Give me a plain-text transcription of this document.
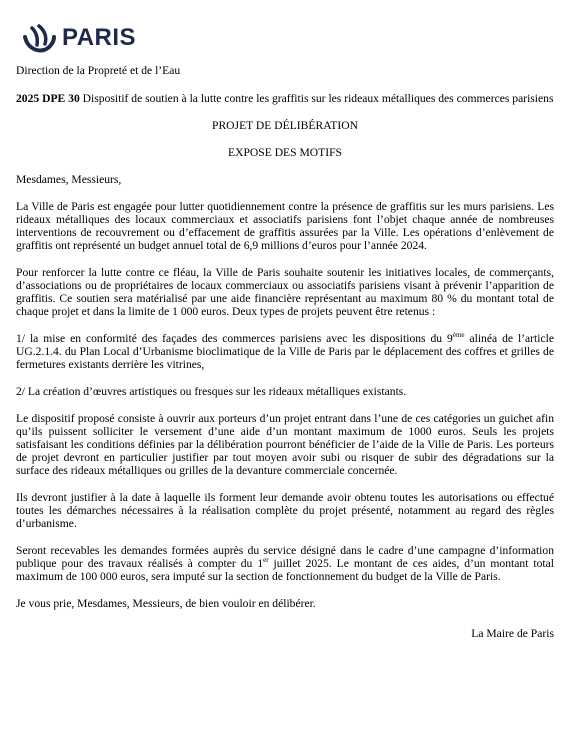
PARIS

Direction de la Propreté et de l’Eau

2025 DPE 30 Dispositif de soutien à la lutte contre les graffitis sur les rideaux métalliques des commerces parisiens

PROJET DE DÉLIBÉRATION

EXPOSE DES MOTIFS

Mesdames, Messieurs,

La Ville de Paris est engagée pour lutter quotidiennement contre la présence de graffitis sur les murs parisiens. Les rideaux métalliques des locaux commerciaux et associatifs parisiens font l’objet chaque année de nombreuses interventions de recouvrement ou d’effacement de graffitis assurées par la Ville. Les opérations d’enlèvement de graffitis ont représenté un budget annuel total de 6,9 millions d’euros pour l’année 2024.

Pour renforcer la lutte contre ce fléau, la Ville de Paris souhaite soutenir les initiatives locales, de commerçants, d’associations ou de propriétaires de locaux commerciaux ou associatifs parisiens visant à prévenir l’apparition de graffitis. Ce soutien sera matérialisé par une aide financière représentant au maximum 80 % du montant total de chaque projet et dans la limite de 1 000 euros. Deux types de projets peuvent être retenus :

1/ la mise en conformité des façades des commerces parisiens avec les dispositions du 9ème alinéa de l’article UG.2.1.4. du Plan Local d’Urbanisme bioclimatique de la Ville de Paris par le déplacement des coffres et grilles de fermetures existants derrière les vitrines,

2/ La création d’œuvres artistiques ou fresques sur les rideaux métalliques existants.

Le dispositif proposé consiste à ouvrir aux porteurs d’un projet entrant dans l’une de ces catégories un guichet afin qu’ils puissent solliciter le versement d’une aide d’un montant maximum de 1000 euros. Seuls les projets satisfaisant les conditions définies par la délibération pourront bénéficier de l’aide de la Ville de Paris. Les porteurs de projet devront en particulier justifier par tout moyen avoir subi ou risquer de subir des dégradations sur la surface des rideaux métalliques ou grilles de la devanture commerciale concernée.

Ils devront justifier à la date à laquelle ils forment leur demande avoir obtenu toutes les autorisations ou effectué toutes les démarches nécessaires à la réalisation complète du projet présenté, notamment au regard des règles d’urbanisme.

Seront recevables les demandes formées auprès du service désigné dans le cadre d’une campagne d’information publique pour des travaux réalisés à compter du 1er juillet 2025. Le montant de ces aides, d’un montant total maximum de 100 000 euros, sera imputé sur la section de fonctionnement du budget de la Ville de Paris.

Je vous prie, Mesdames, Messieurs, de bien vouloir en délibérer.

La Maire de Paris
